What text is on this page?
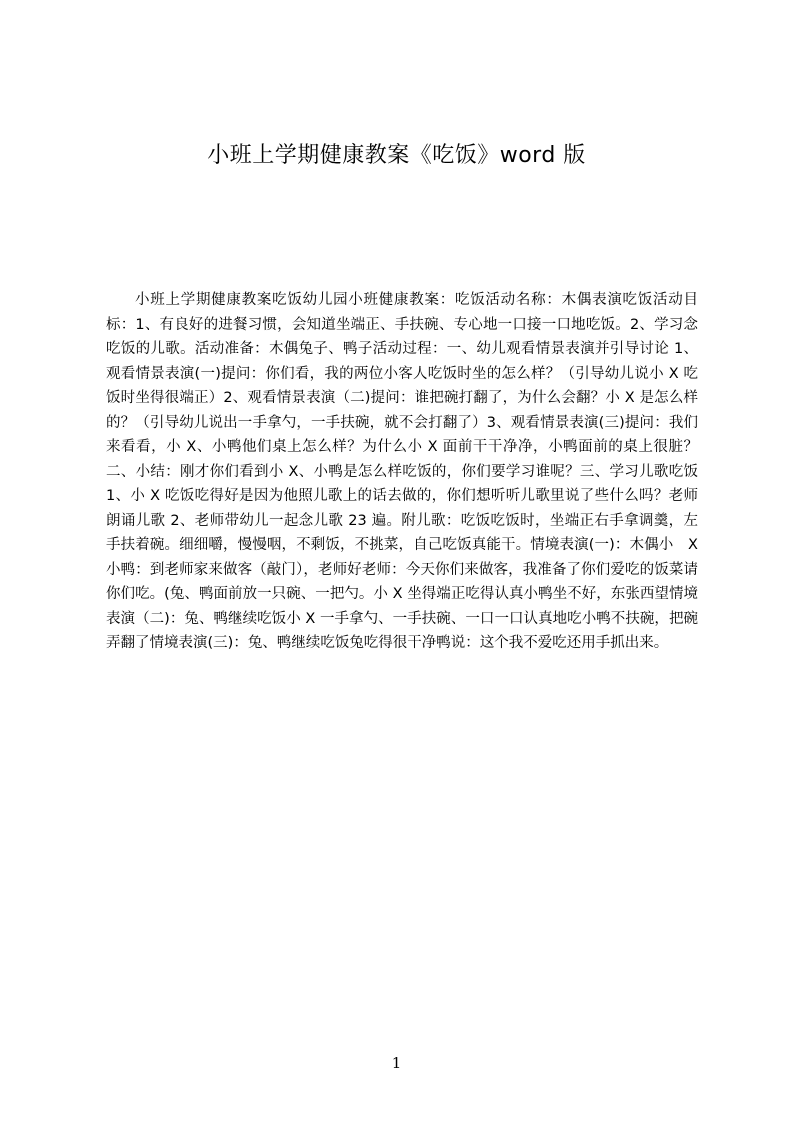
小班上学期健康教案《吃饭》word 版
小班上学期健康教案吃饭幼儿园小班健康教案：吃饭活动名称：木偶表演吃饭活动目标：1、有良好的进餐习惯，会知道坐端正、手扶碗、专心地一口接一口地吃饭。2、学习念吃饭的儿歌。活动准备：木偶兔子、鸭子活动过程：一、幼儿观看情景表演并引导讨论 1、观看情景表演(一)提问：你们看，我的两位小客人吃饭时坐的怎么样？（引导幼儿说小 X 吃饭时坐得很端正）2、观看情景表演（二)提问：谁把碗打翻了，为什么会翻？小 X 是怎么样的？（引导幼儿说出一手拿勺，一手扶碗，就不会打翻了）3、观看情景表演(三)提问：我们来看看，小 X、小鸭他们桌上怎么样？为什么小 X 面前干干净净，小鸭面前的桌上很脏？二、小结：刚才你们看到小 X、小鸭是怎么样吃饭的，你们要学习谁呢？三、学习儿歌吃饭 1、小 X 吃饭吃得好是因为他照儿歌上的话去做的，你们想听听儿歌里说了些什么吗？老师朗诵儿歌 2、老师带幼儿一起念儿歌 23 遍。附儿歌：吃饭吃饭时，坐端正右手拿调羹，左手扶着碗。细细嚼，慢慢咽，不剩饭，不挑菜，自己吃饭真能干。情境表演(一)：木偶小　X 小鸭：到老师家来做客（敲门），老师好老师：今天你们来做客，我准备了你们爱吃的饭菜请你们吃。(兔、鸭面前放一只碗、一把勺。小 X 坐得端正吃得认真小鸭坐不好，东张西望情境表演（二)：兔、鸭继续吃饭小 X 一手拿勺、一手扶碗、一口一口认真地吃小鸭不扶碗，把碗弄翻了情境表演(三)：兔、鸭继续吃饭兔吃得很干净鸭说：这个我不爱吃还用手抓出来。
1
